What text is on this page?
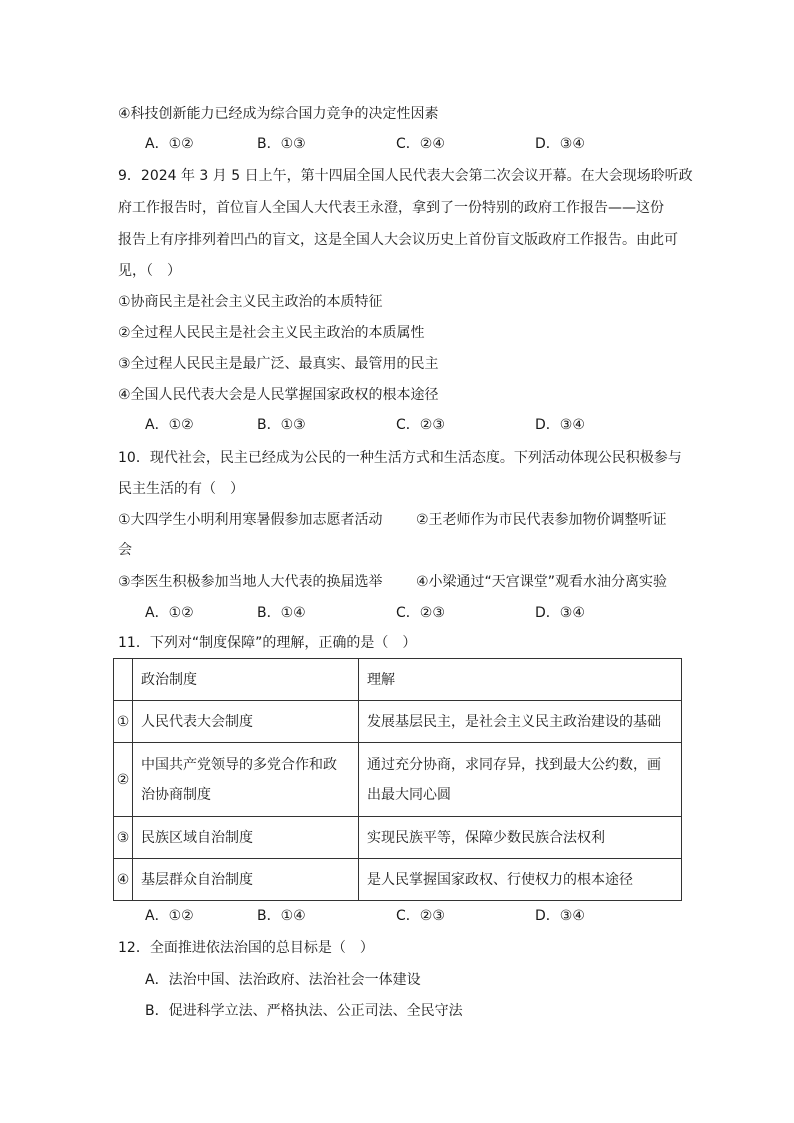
④科技创新能力已经成为综合国力竞争的决定性因素
A．①②	B．①③	C．②④	D．③④
9．2024 年 3 月 5 日上午，第十四届全国人民代表大会第二次会议开幕。在大会现场聆听政
府工作报告时，首位盲人全国人大代表王永澄，拿到了一份特别的政府工作报告——这份
报告上有序排列着凹凸的盲文，这是全国人大会议历史上首份盲文版政府工作报告。由此可
见，（　）
①协商民主是社会主义民主政治的本质特征
②全过程人民民主是社会主义民主政治的本质属性
③全过程人民民主是最广泛、最真实、最管用的民主
④全国人民代表大会是人民掌握国家政权的根本途径
A．①②	B．①③	C．②③	D．③④
10．现代社会，民主已经成为公民的一种生活方式和生活态度。下列活动体现公民积极参与
民主生活的有（　）
①大四学生小明利用寒暑假参加志愿者活动 ②王老师作为市民代表参加物价调整听证
会
③李医生积极参加当地人大代表的换届选举 ④小梁通过“天宫课堂”观看水油分离实验
A．①②	B．①④	C．②③	D．③④
11．下列对“制度保障”的理解，正确的是（　）
	政治制度	理解
①	人民代表大会制度	发展基层民主，是社会主义民主政治建设的基础
②	中国共产党领导的多党合作和政治协商制度	通过充分协商，求同存异，找到最大公约数，画出最大同心圆

③	民族区域自治制度	实现民族平等，保障少数民族合法权利
④	基层群众自治制度	是人民掌握国家政权、行使权力的根本途径
A．①②	B．①④	C．②③	D．③④
12．全面推进依法治国的总目标是（　）
A．法治中国、法治政府、法治社会一体建设
B．促进科学立法、严格执法、公正司法、全民守法
